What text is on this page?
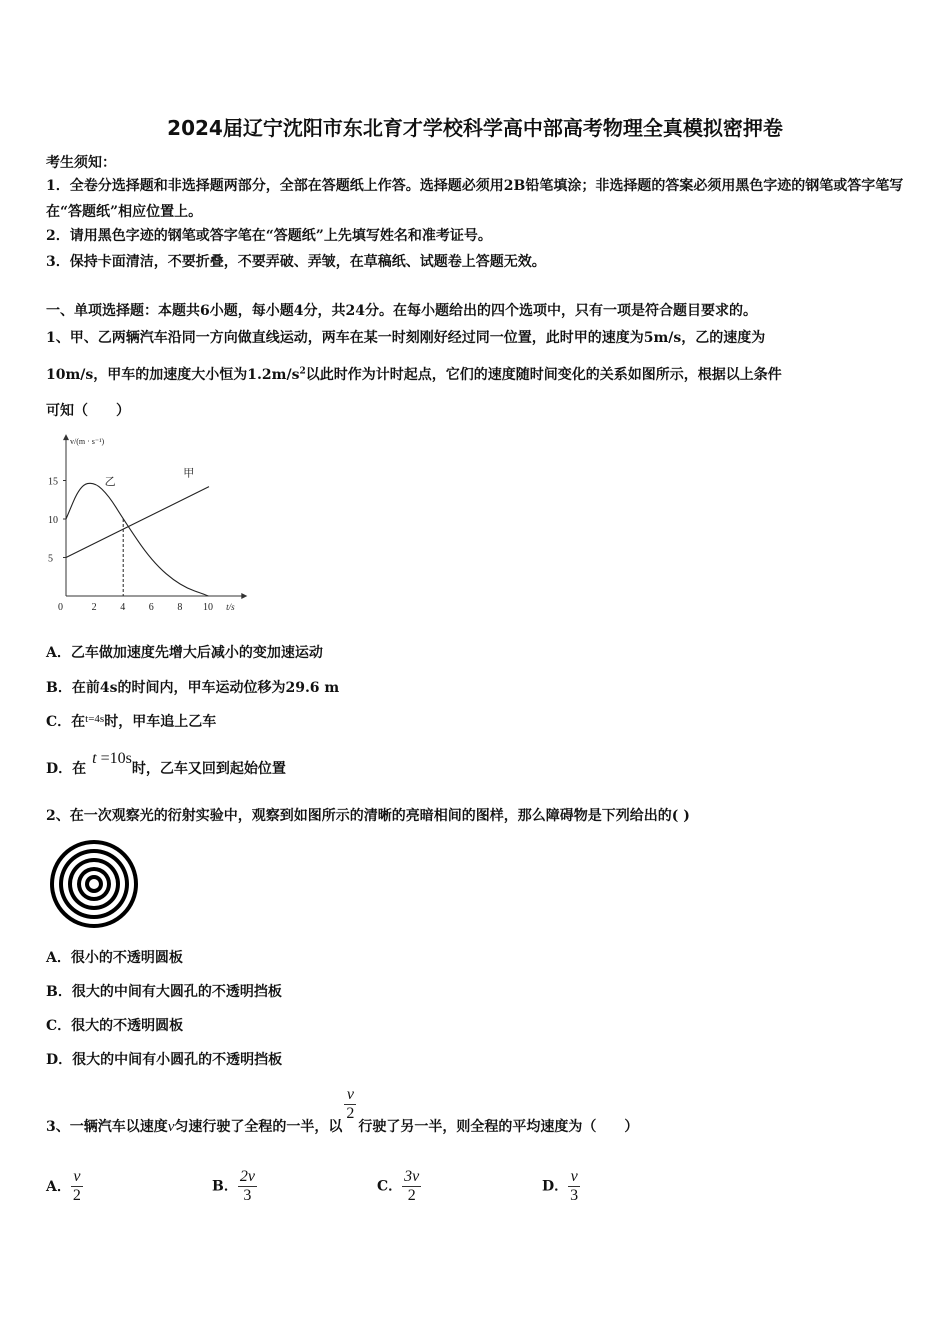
2024届辽宁沈阳市东北育才学校科学高中部高考物理全真模拟密押卷
考生须知：
1．全卷分选择题和非选择题两部分，全部在答题纸上作答。选择题必须用2B铅笔填涂；非选择题的答案必须用黑色字迹的钢笔或答字笔写在“答题纸”相应位置上。
2．请用黑色字迹的钢笔或答字笔在“答题纸”上先填写姓名和准考证号。
3．保持卡面清洁，不要折叠，不要弄破、弄皱，在草稿纸、试题卷上答题无效。
一、单项选择题：本题共6小题，每小题4分，共24分。在每小题给出的四个选项中，只有一项是符合题目要求的。
1、甲、乙两辆汽车沿同一方向做直线运动，两车在某一时刻刚好经过同一位置，此时甲的速度为5m/s，乙的速度为
10m/s，甲车的加速度大小恒为$1.2m/s^2$以此时作为计时起点，它们的速度随时间变化的关系如图所示，根据以上条件
可知（　　）
0	2 4 6 8 10
5
10
15
t/s
v/(m · s⁻¹)
甲
乙
A．乙车做加速度先增大后减小的变加速运动
B．在前4s的时间内，甲车运动位移为29.6 m
C．在$^{t=4s}$时，甲车追上乙车
D．在t =10s时，乙车又回到起始位置
2、在一次观察光的衍射实验中，观察到如图所示的清晰的亮暗相间的图样，那么障碍物是下列给出的( )
A．很小的不透明圆板
B．很大的中间有大圆孔的不透明挡板
C．很大的不透明圆板
D．很大的中间有小圆孔的不透明挡板
3、一辆汽车以速度v匀速行驶了全程的一半，以
$\frac{v}{2}$
行驶了另一半，则全程的平均速度为（　　）
A． $\frac{v}{2}$	B． $\frac{2v}{3}$	C． $\frac{3v}{2}$	D． $\frac{v}{3}$
